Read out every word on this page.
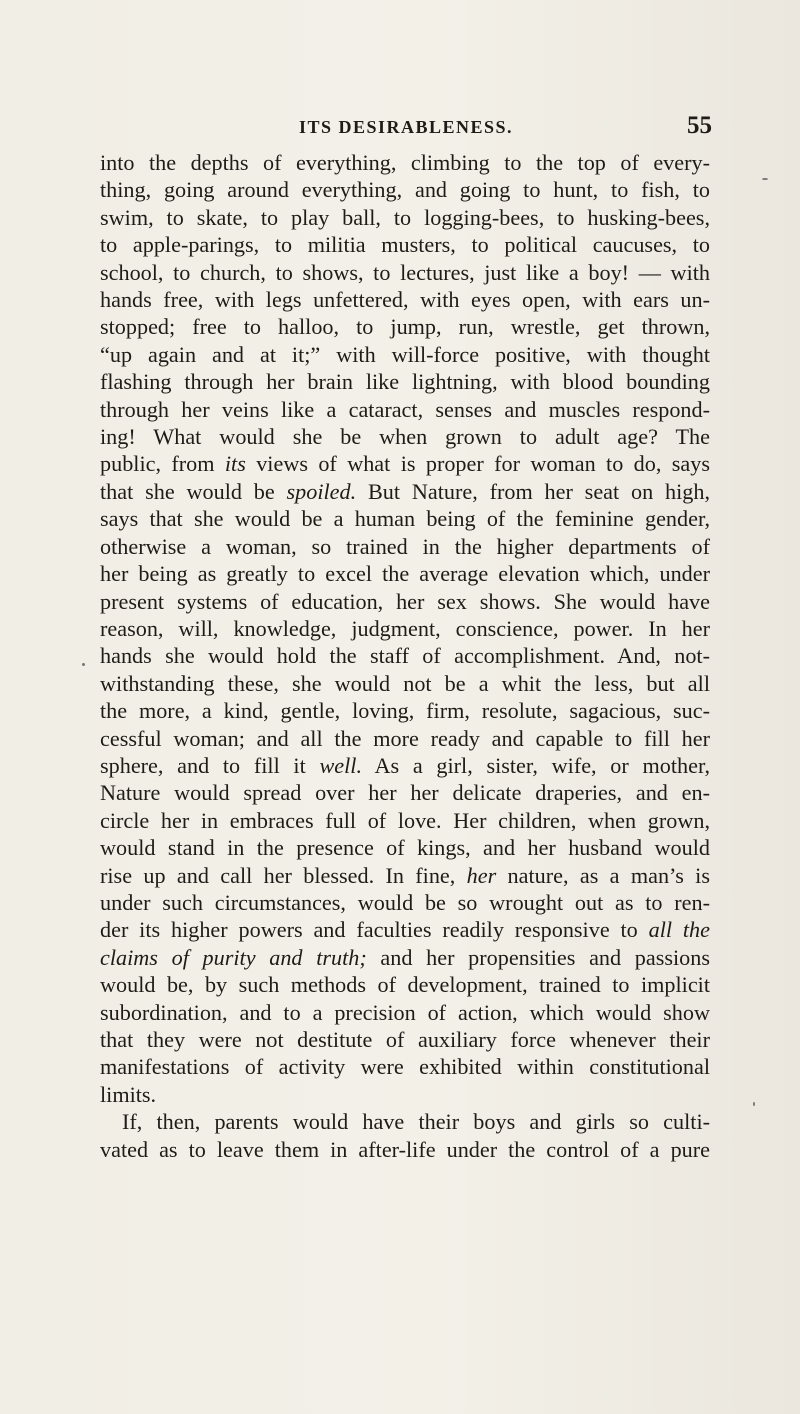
ITS DESIRABLENESS.	55
into the depths of everything, climbing to the top of every-
thing, going around everything, and going to hunt, to fish, to
swim, to skate, to play ball, to logging-bees, to husking-bees,
to apple-parings, to militia musters, to political caucuses, to
school, to church, to shows, to lectures, just like a boy! — with
hands free, with legs unfettered, with eyes open, with ears un-
stopped; free to halloo, to jump, run, wrestle, get thrown,
“up again and at it;” with will-force positive, with thought
flashing through her brain like lightning, with blood bounding
through her veins like a cataract, senses and muscles respond-
ing! What would she be when grown to adult age? The
public, from its views of what is proper for woman to do, says
that she would be spoiled. But Nature, from her seat on high,
says that she would be a human being of the feminine gender,
otherwise a woman, so trained in the higher departments of
her being as greatly to excel the average elevation which, under
present systems of education, her sex shows. She would have
reason, will, knowledge, judgment, conscience, power. In her
hands she would hold the staff of accomplishment. And, not-
withstanding these, she would not be a whit the less, but all
the more, a kind, gentle, loving, firm, resolute, sagacious, suc-
cessful woman; and all the more ready and capable to fill her
sphere, and to fill it well. As a girl, sister, wife, or mother,
Nature would spread over her her delicate draperies, and en-
circle her in embraces full of love. Her children, when grown,
would stand in the presence of kings, and her husband would
rise up and call her blessed. In fine, her nature, as a man’s is
under such circumstances, would be so wrought out as to ren-
der its higher powers and faculties readily responsive to all the
claims of purity and truth; and her propensities and passions
would be, by such methods of development, trained to implicit
subordination, and to a precision of action, which would show
that they were not destitute of auxiliary force whenever their
manifestations of activity were exhibited within constitutional
limits.
If, then, parents would have their boys and girls so culti-
vated as to leave them in after-life under the control of a pure
